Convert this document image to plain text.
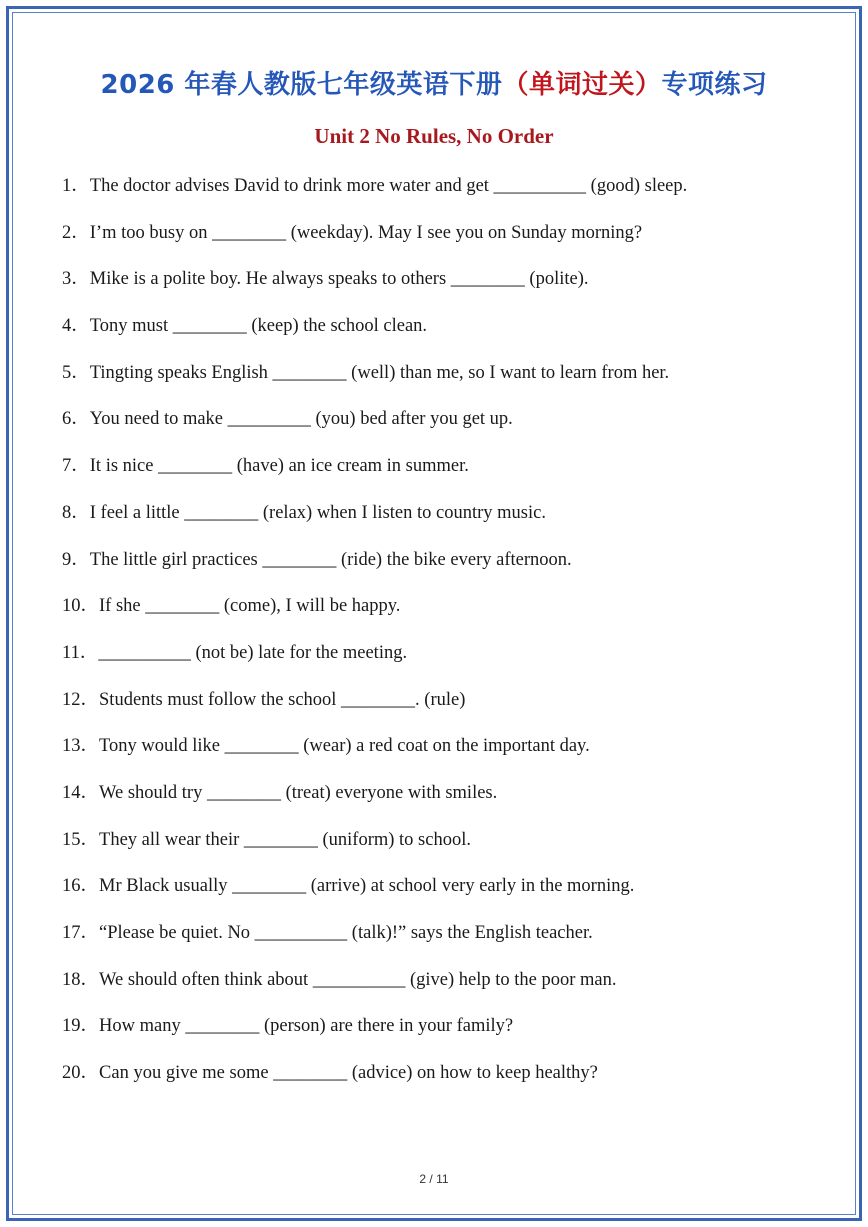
2026 年春人教版七年级英语下册（单词过关）专项练习
Unit 2 No Rules, No Order
1．The doctor advises David to drink more water and get __________ (good) sleep.
2．I’m too busy on ________ (weekday). May I see you on Sunday morning?
3．Mike is a polite boy. He always speaks to others ________ (polite).
4．Tony must ________ (keep) the school clean.
5．Tingting speaks English ________ (well) than me, so I want to learn from her.
6．You need to make _________ (you) bed after you get up.
7．It is nice ________ (have) an ice cream in summer.
8．I feel a little ________ (relax) when I listen to country music.
9．The little girl practices ________ (ride) the bike every afternoon.
10．If she ________ (come), I will be happy.
11．__________ (not be) late for the meeting.
12．Students must follow the school ________. (rule)
13．Tony would like ________ (wear) a red coat on the important day.
14．We should try ________ (treat) everyone with smiles.
15．They all wear their ________ (uniform) to school.
16．Mr Black usually ________ (arrive) at school very early in the morning.
17．“Please be quiet. No __________ (talk)!” says the English teacher.
18．We should often think about __________ (give) help to the poor man.
19．How many ________ (person) are there in your family?
20．Can you give me some ________ (advice) on how to keep healthy?
2 / 11
